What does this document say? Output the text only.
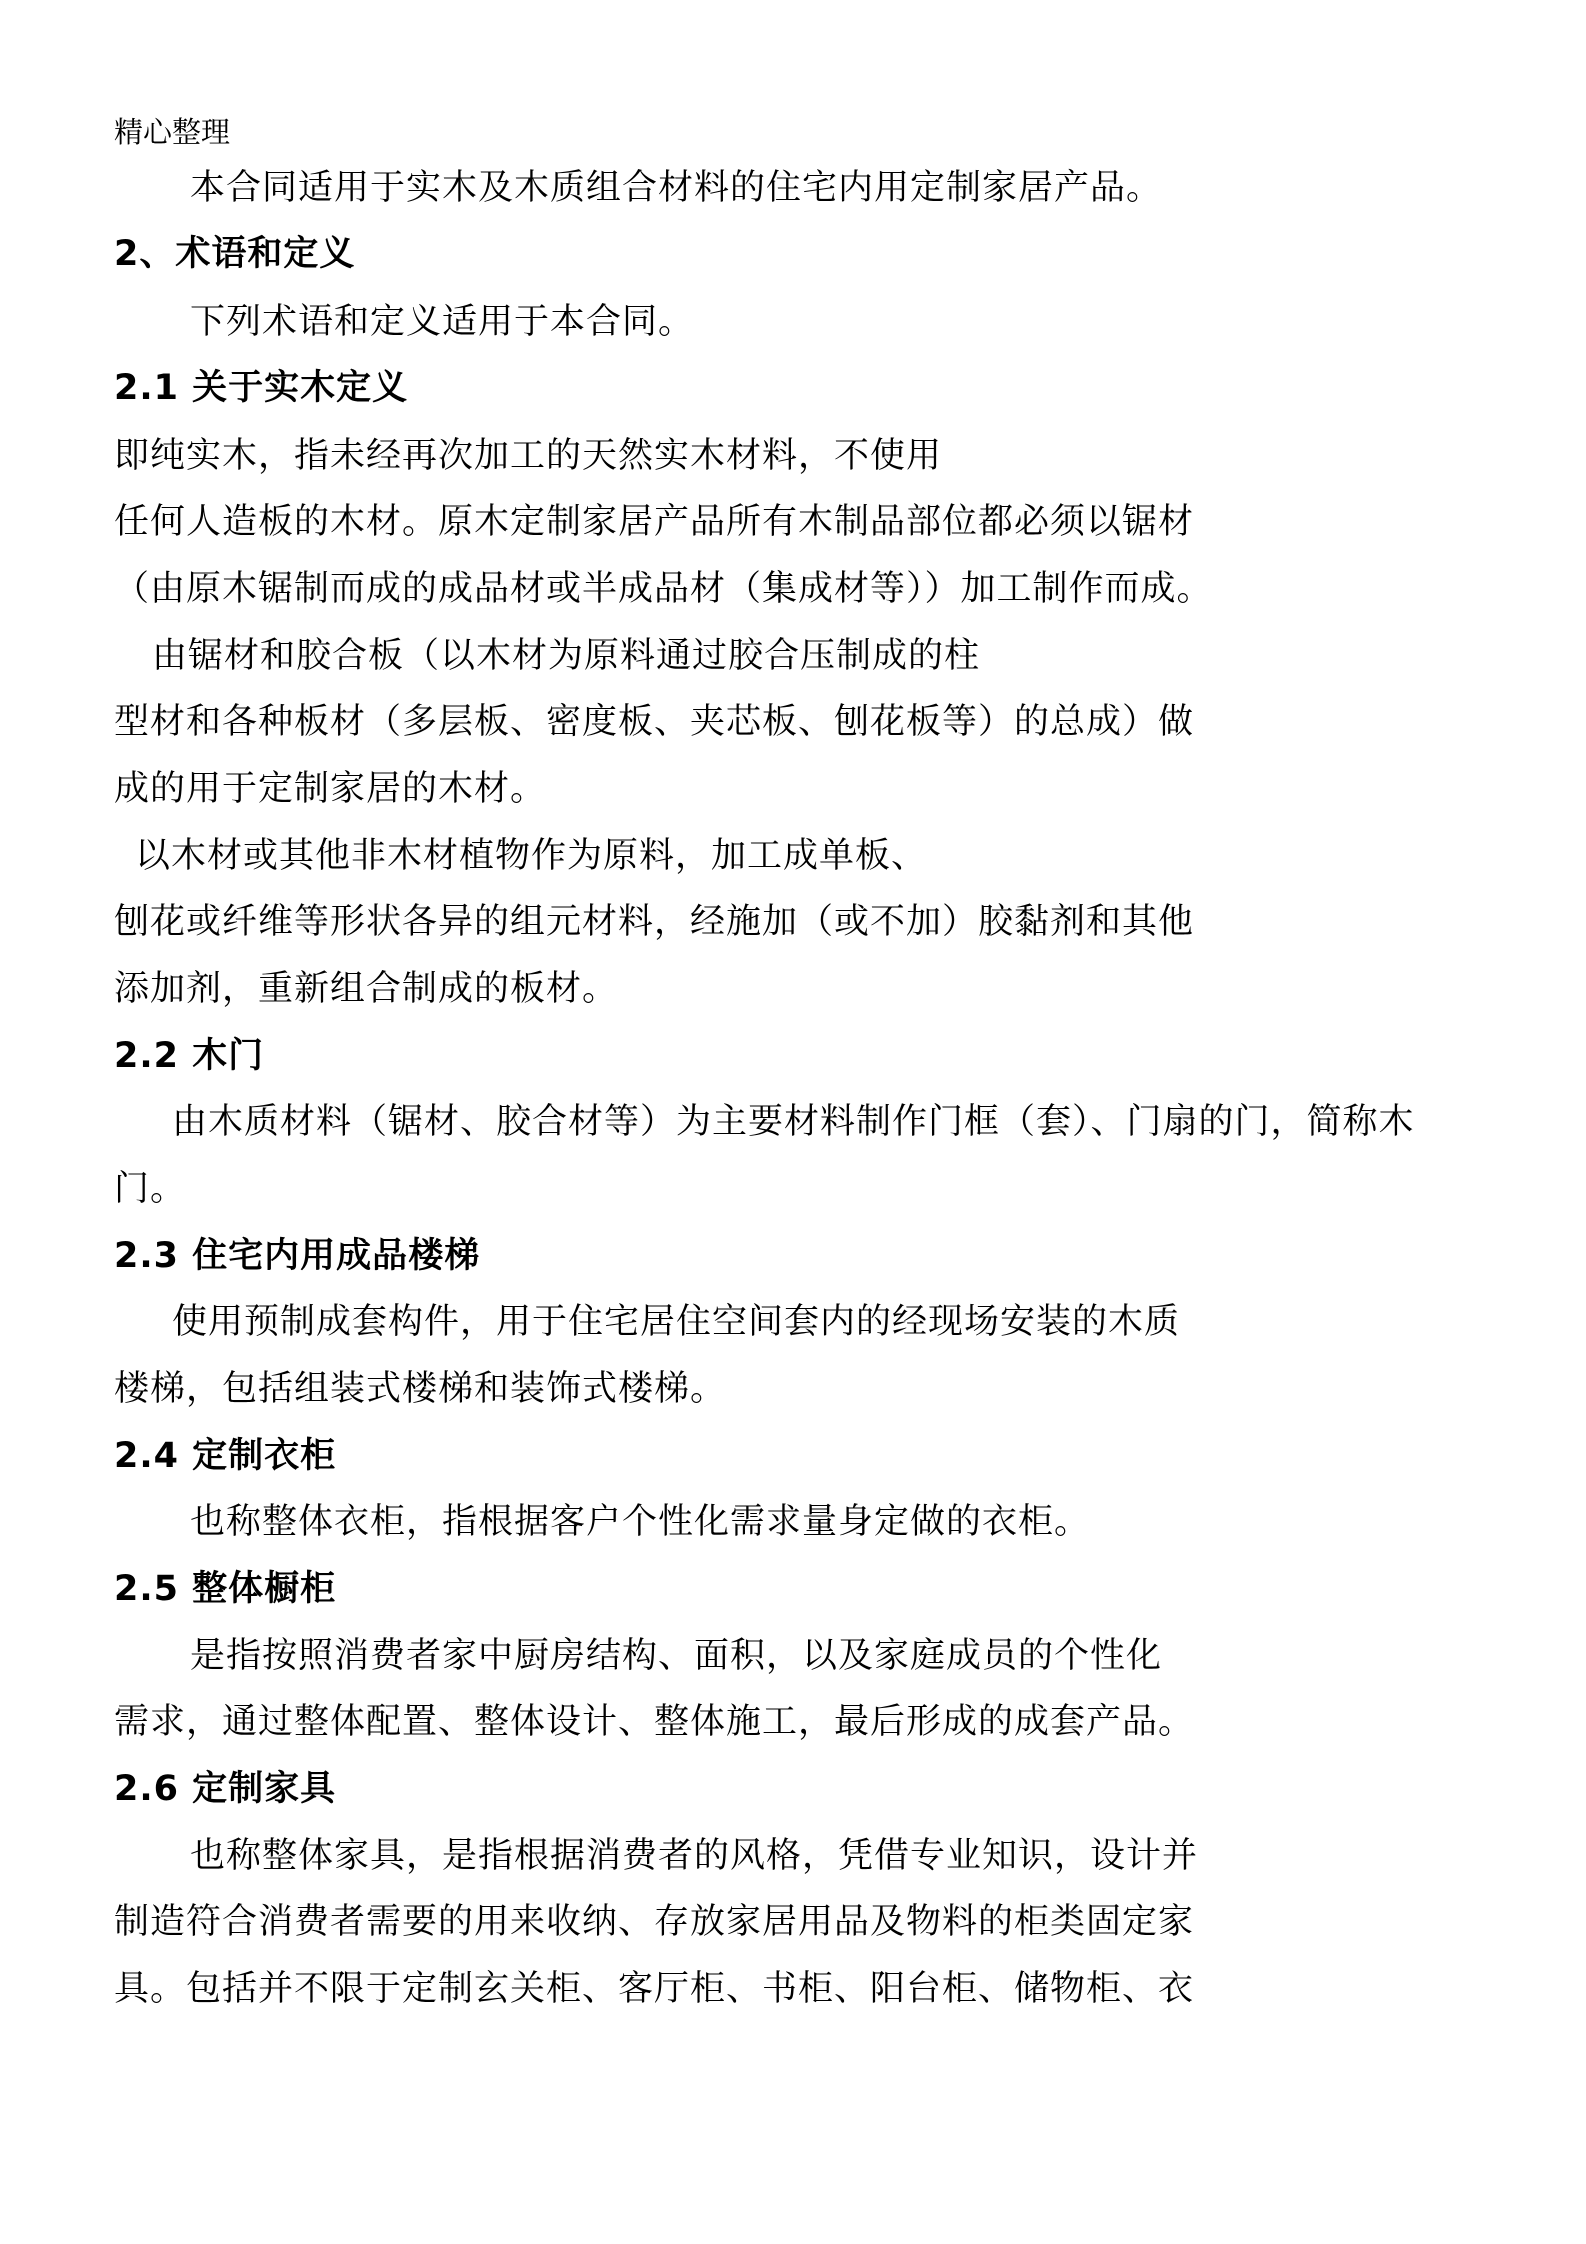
精心整理
本合同适用于实木及木质组合材料的住宅内用定制家居产品。
2、术语和定义
下列术语和定义适用于本合同。
2.1 关于实木定义
即纯实木，指未经再次加工的天然实木材料，不使用
任何人造板的木材。原木定制家居产品所有木制品部位都必须以锯材
（由原木锯制而成的成品材或半成品材（集成材等））加工制作而成。
由锯材和胶合板（以木材为原料通过胶合压制成的柱
型材和各种板材（多层板、密度板、夹芯板、刨花板等）的总成）做
成的用于定制家居的木材。
以木材或其他非木材植物作为原料，加工成单板、
刨花或纤维等形状各异的组元材料，经施加（或不加）胶黏剂和其他
添加剂，重新组合制成的板材。
2.2 木门
由木质材料（锯材、胶合材等）为主要材料制作门框（套）、门扇的门，简称木
门。
2.3 住宅内用成品楼梯
使用预制成套构件，用于住宅居住空间套内的经现场安装的木质
楼梯，包括组装式楼梯和装饰式楼梯。
2.4 定制衣柜
也称整体衣柜，指根据客户个性化需求量身定做的衣柜。
2.5 整体橱柜
是指按照消费者家中厨房结构、面积，以及家庭成员的个性化
需求，通过整体配置、整体设计、整体施工，最后形成的成套产品。
2.6 定制家具
也称整体家具，是指根据消费者的风格，凭借专业知识，设计并
制造符合消费者需要的用来收纳、存放家居用品及物料的柜类固定家
具。包括并不限于定制玄关柜、客厅柜、书柜、阳台柜、储物柜、衣
